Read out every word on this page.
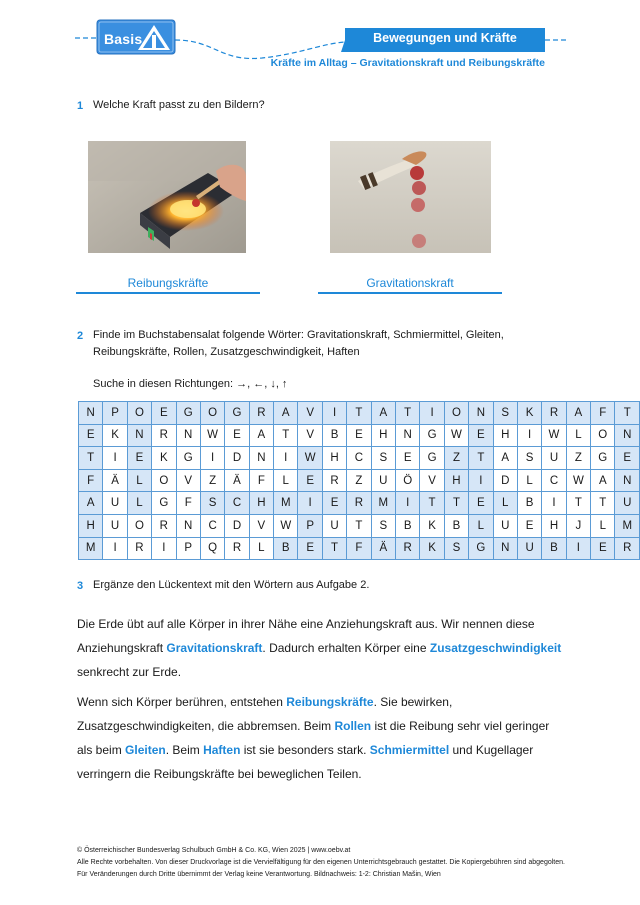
Basis	Bewegungen und Kräfte
Kräfte im Alltag – Gravitationskraft und Reibungskräfte
1 Welche Kraft passt zu den Bildern?
Reibungskräfte	Gravitationskraft
2 Finde im Buchstabensalat folgende Wörter: Gravitationskraft, Schmiermittel, Gleiten,
Reibungskräfte, Rollen, Zusatzgeschwindigkeit, Haften
Suche in diesen Richtungen: →, ←, ↓, ↑
N	P	O	E	G	O	G	R	A	V	I	T	A	T	I	O	N	S	K	R	A	F	T
E	K	N	R	N	W	E	A	T	V	B	E	H	N	G	W	E	H	I	W	L	O	N
T	I	E	K	G	I	D	N	I	W	H	C	S	E	G	Z	T	A	S	U	Z	G	E
F	Ä	L	O	V	Z	Ä	F	L	E	R	Z	U	Ö	V	H	I	D	L	C	W	A	N
A	U	L	G	F	S	C	H	M	I	E	R	M	I	T	T	E	L	B	I	T	T	U
H	U	O	R	N	C	D	V	W	P	U	T	S	B	K	B	L	U	E	H	J	L	M
M	I	R	I	P	Q	R	L	B	E	T	F	Ä	R	K	S	G	N	U	B	I	E	R
3 Ergänze den Lückentext mit den Wörtern aus Aufgabe 2.
Die Erde übt auf alle Körper in ihrer Nähe eine Anziehungskraft aus. Wir nennen diese Anziehungskraft Gravitationskraft. Dadurch erhalten Körper eine Zusatzgeschwindigkeit senkrecht zur Erde.
Wenn sich Körper berühren, entstehen Reibungskräfte. Sie bewirken, Zusatzgeschwindigkeiten, die abbremsen. Beim Rollen ist die Reibung sehr viel geringer als beim Gleiten. Beim Haften ist sie besonders stark. Schmiermittel und Kugellager verringern die Reibungskräfte bei beweglichen Teilen.
© Österreichischer Bundesverlag Schulbuch GmbH & Co. KG, Wien 2025 | www.oebv.at
Alle Rechte vorbehalten. Von dieser Druckvorlage ist die Vervielfältigung für den eigenen Unterrichtsgebrauch gestattet. Die Kopiergebühren sind abgegolten.
Für Veränderungen durch Dritte übernimmt der Verlag keine Verantwortung. Bildnachweis: 1-2: Christian Mašin, Wien
